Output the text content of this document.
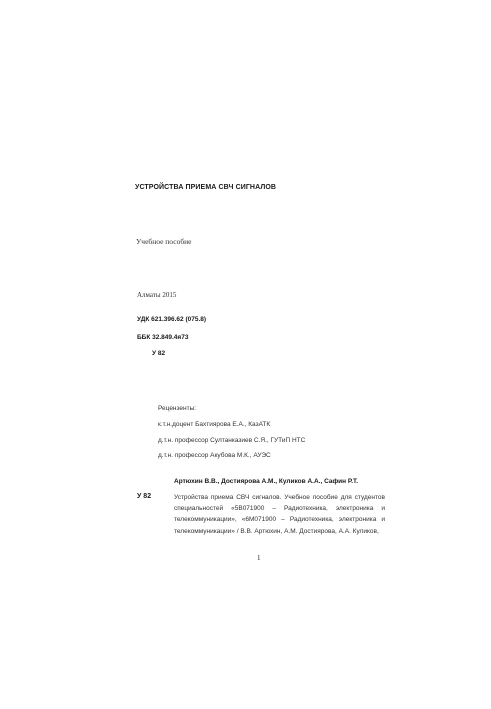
УСТРОЙСТВА ПРИЕМА СВЧ СИГНАЛОВ

Учебное пособие

Алматы 2015

УДК 621.396.62 (075.8)

ББК 32.849.4я73

У 82

Рецензенты:

к.т.н.доцент Бахтиярова Е.А., КазАТК

д.т.н. профессор Султанказиев С.Я., ГУТиП НТС

д.т.н. профессор Акубова М.К., АУЭС

Артюхин В.В., Достиярова А.М., Куликов А.А., Сафин Р.Т.

У 82	Устройства приема СВЧ сигналов. Учебное пособие для студентов специальностей «5В071900 – Радиотехника, электроника и телекоммуникации», «6М071900 – Радиотехника, электроника и телекоммуникации» / В.В. Артюхин, А.М. Достиярова, А.А. Куликов,

1
